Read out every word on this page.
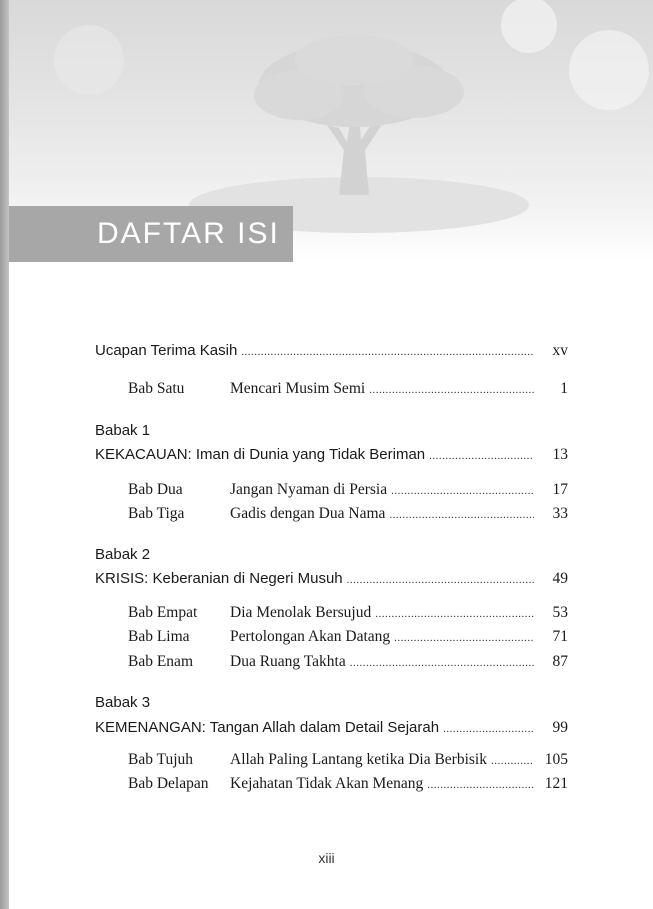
DAFTAR ISI
Ucapan Terima Kasih .....	xv
Bab Satu	Mencari Musim Semi .....	1
Babak 1
KEKACAUAN: Iman di Dunia yang Tidak Beriman .....	13
Bab Dua	Jangan Nyaman di Persia .....	17
Bab Tiga	Gadis dengan Dua Nama .....	33
Babak 2
KRISIS: Keberanian di Negeri Musuh .....	49
Bab Empat	Dia Menolak Bersujud .....	53
Bab Lima	Pertolongan Akan Datang .....	71
Bab Enam	Dua Ruang Takhta .....	87
Babak 3
KEMENANGAN: Tangan Allah dalam Detail Sejarah .....	99
Bab Tujuh	Allah Paling Lantang ketika Dia Berbisik .....	105
Bab Delapan	Kejahatan Tidak Akan Menang .....	121
xiii
